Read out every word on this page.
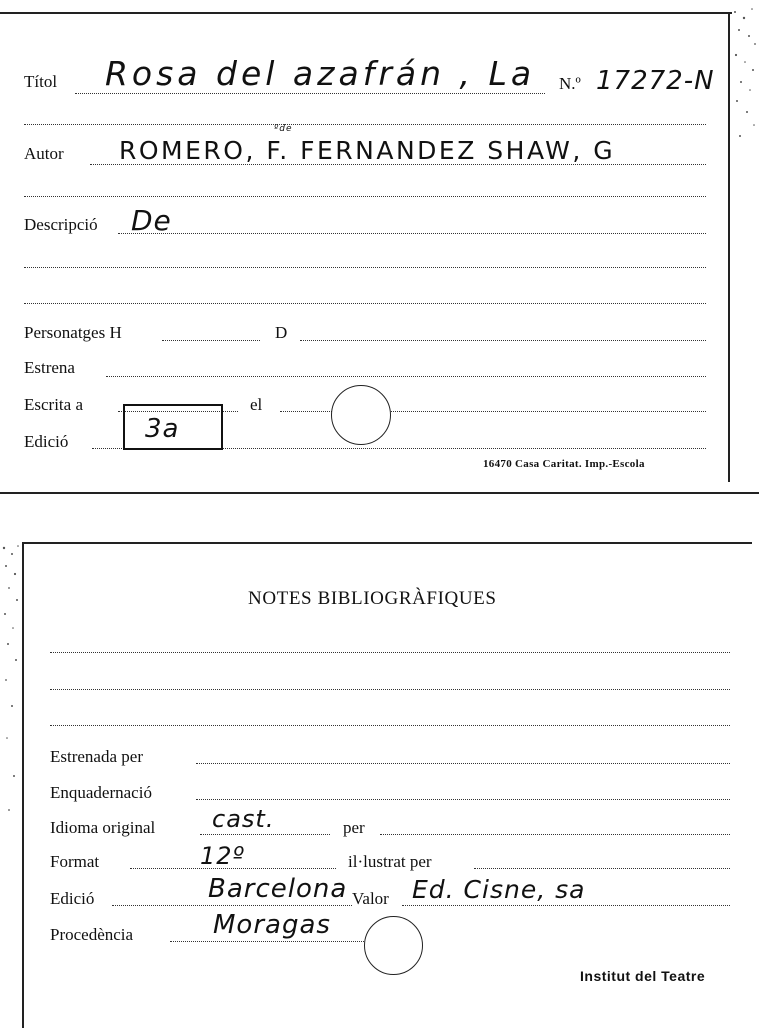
Títol Rosa del azafrán , La N.º 17272-N
Autor ROMERO, F. FERNANDEZ SHAW, G
ºde
Descripció De
Personatges H	D
Estrena
Escrita a	el
Edició	3a
16470 Casa Caritat. Imp.-Escola
NOTES BIBLIOGRÀFIQUES
Estrenada per
Enquadernació
Idioma original cast.	per
Format	12º	il·lustrat per
Edició	Barcelona Valor Ed. Cisne, sa
Procedència	Moragas
Institut del Teatre
